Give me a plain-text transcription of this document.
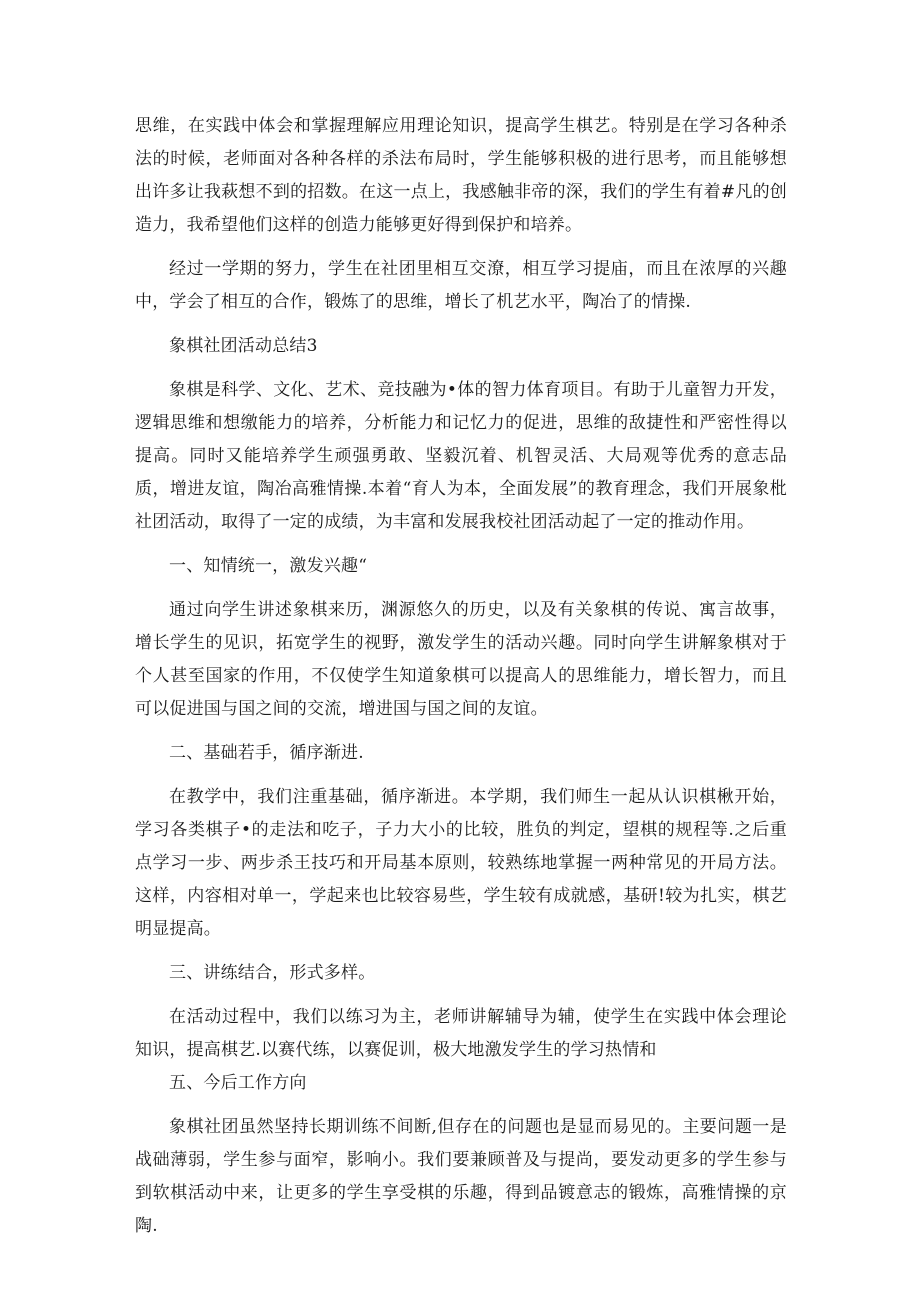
思维，在实践中体会和掌握理解应用理论知识，提高学生棋艺。特别是在学习各种杀法的时候，老师面对各种各样的杀法布局时，学生能够积极的进行思考，而且能够想出许多让我萩想不到的招数。在这一点上，我感触非帝的深，我们的学生有着#凡的创造力，我希望他们这样的创造力能够更好得到保护和培养。

经过一学期的努力，学生在社团里相互交潦，相互学习提庙，而且在浓厚的兴趣中，学会了相互的合作，锻炼了的思维，增长了机艺水平，陶冶了的情操.

象棋社团活动总结3

象棋是科学、文化、艺术、竞技融为•体的智力体育项目。有助于儿童智力开发，逻辑思维和想缴能力的培养，分析能力和记忆力的促进，思维的敌捷性和严密性得以提高。同时又能培养学生顽强勇敢、坚毅沉着、机智灵活、大局观等优秀的意志品质，增进友谊，陶冶高雅情操.本着“育人为本，全面发展”的教育理念，我们开展象枇社团活动，取得了一定的成绩，为丰富和发展我校社团活动起了一定的推动作用。

一、知情统一，激发兴趣“

通过向学生讲述象棋来历，渊源悠久的历史，以及有关象棋的传说、寓言故事，增长学生的见识，拓宽学生的视野，激发学生的活动兴趣。同时向学生讲解象棋对于个人甚至国家的作用，不仅使学生知道象棋可以提高人的思维能力，增长智力，而且可以促进国与国之间的交流，增进国与国之间的友谊。

二、基础若手，循序渐进.

在教学中，我们注重基础，循序渐进。本学期，我们师生一起从认识棋楸开始，学习各类棋子•的走法和吃子，子力大小的比较，胜负的判定，望棋的规程等.之后重点学习一步、两步杀王技巧和开局基本原则，较熟练地掌握一两种常见的开局方法。这样，内容相对单一，学起来也比较容易些，学生较有成就感，基研!较为扎实，棋艺明显提高。

三、讲练结合，形式多样。

在活动过程中，我们以练习为主，老师讲解辅导为辅，使学生在实践中体会理论知识，提高棋艺.以赛代练，以赛促训，极大地激发学生的学习热情和

五、今后工作方向

象棋社团虽然坚持长期训练不间断,但存在的问题也是显而易见的。主要问题一是战础薄弱，学生参与面窄，影响小。我们要兼顾普及与提尚，要发动更多的学生参与到软棋活动中来，让更多的学生享受棋的乐趣，得到品镀意志的锻炼，高雅情操的京陶.
